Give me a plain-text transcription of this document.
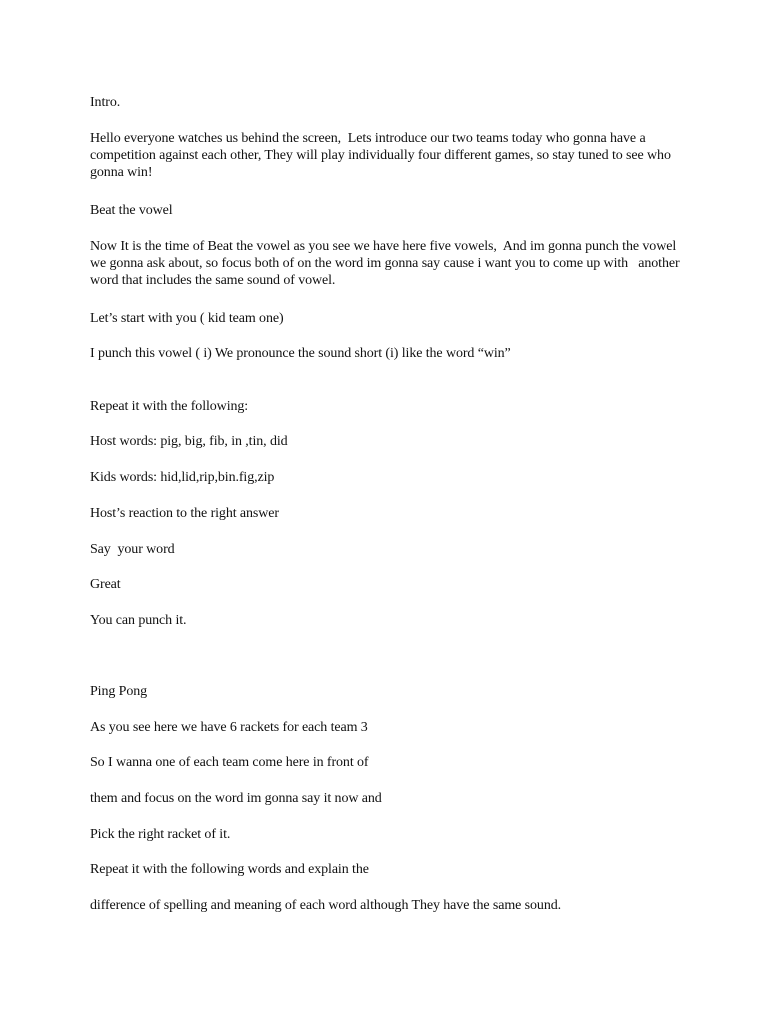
Intro.

Hello everyone watches us behind the screen,  Lets introduce our two teams today who gonna have a competition against each other, They will play individually four different games, so stay tuned to see who gonna win!

Beat the vowel

Now It is the time of Beat the vowel as you see we have here five vowels,  And im gonna punch the vowel we gonna ask about, so focus both of on the word im gonna say cause i want you to come up with   another word that includes the same sound of vowel.

Let’s start with you ( kid team one)

I punch this vowel ( i) We pronounce the sound short (i) like the word “win”

Repeat it with the following:

Host words: pig, big, fib, in ,tin, did

Kids words: hid,lid,rip,bin.fig,zip

Host’s reaction to the right answer

Say  your word

Great

You can punch it.

Ping Pong

As you see here we have 6 rackets for each team 3

So I wanna one of each team come here in front of

them and focus on the word im gonna say it now and

Pick the right racket of it.

Repeat it with the following words and explain the

difference of spelling and meaning of each word although They have the same sound.
